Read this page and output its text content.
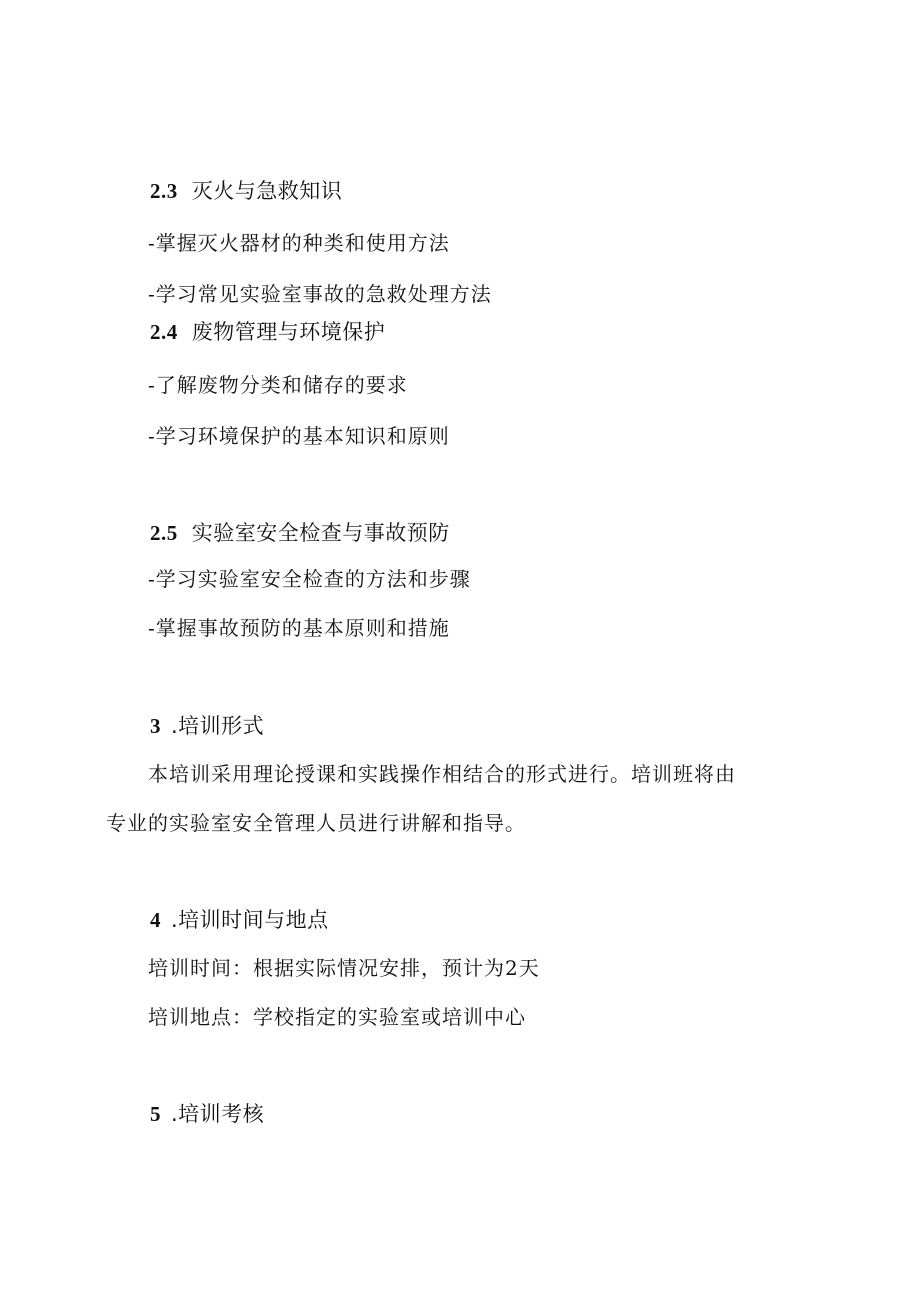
2.3 灭火与急救知识
-掌握灭火器材的种类和使用方法
-学习常见实验室事故的急救处理方法
2.4 废物管理与环境保护
-了解废物分类和储存的要求
-学习环境保护的基本知识和原则
2.5 实验室安全检查与事故预防
-学习实验室安全检查的方法和步骤
-掌握事故预防的基本原则和措施
3 .培训形式
本培训采用理论授课和实践操作相结合的形式进行。培训班将由
专业的实验室安全管理人员进行讲解和指导。
4 .培训时间与地点
培训时间：根据实际情况安排，预计为2天
培训地点：学校指定的实验室或培训中心
5 .培训考核
